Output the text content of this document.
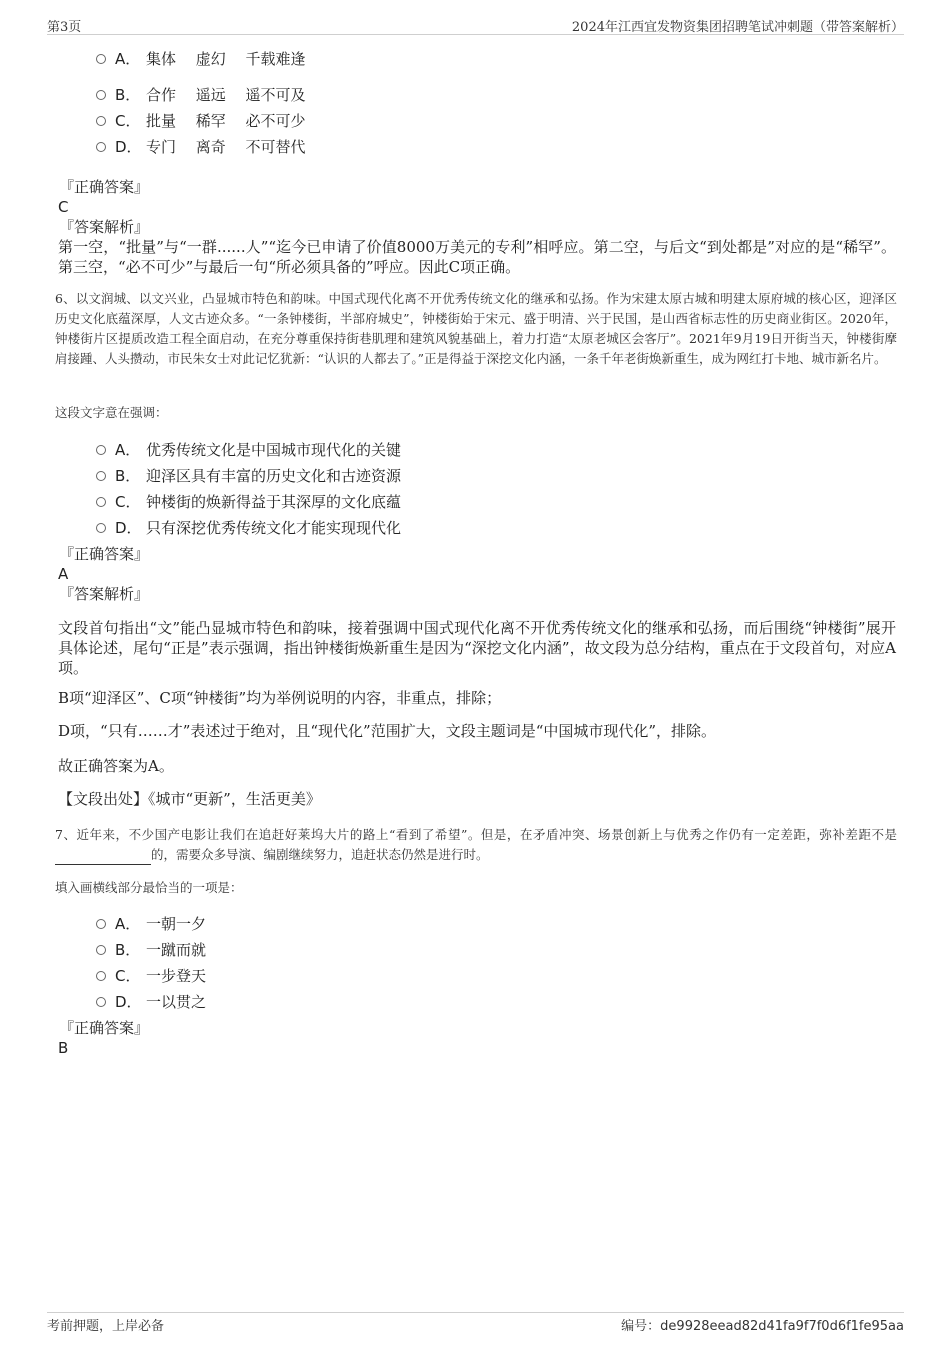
第3页	2024年江西宜发物资集团招聘笔试冲刺题（带答案解析）
A． 集体　 虚幻　 千载难逢
B． 合作　 遥远　 遥不可及
C． 批量　 稀罕　 必不可少
D． 专门　 离奇　 不可替代
『正确答案』
C
『答案解析』
第一空，“批量”与“一群......人”“迄今已申请了价值8000万美元的专利”相呼应。第二空，与后文“到处都是”对应的是“稀罕”。第三空，“必不可少”与最后一句“所必须具备的”呼应。因此C项正确。
6、以文润城、以文兴业，凸显城市特色和韵味。中国式现代化离不开优秀传统文化的继承和弘扬。作为宋建太原古城和明建太原府城的核心区，迎泽区历史文化底蕴深厚，人文古迹众多。“一条钟楼街，半部府城史”，钟楼街始于宋元、盛于明清、兴于民国，是山西省标志性的历史商业街区。2020年，钟楼街片区提质改造工程全面启动，在充分尊重保持街巷肌理和建筑风貌基础上，着力打造“太原老城区会客厅”。2021年9月19日开街当天，钟楼街摩肩接踵、人头攒动，市民朱女士对此记忆犹新：“认识的人都去了。”正是得益于深挖文化内涵，一条千年老街焕新重生，成为网红打卡地、城市新名片。
这段文字意在强调：
A． 优秀传统文化是中国城市现代化的关键
B． 迎泽区具有丰富的历史文化和古迹资源
C． 钟楼街的焕新得益于其深厚的文化底蕴
D． 只有深挖优秀传统文化才能实现现代化
『正确答案』
A
『答案解析』
文段首句指出“文”能凸显城市特色和韵味，接着强调中国式现代化离不开优秀传统文化的继承和弘扬，而后围绕“钟楼街”展开具体论述，尾句“正是”表示强调，指出钟楼街焕新重生是因为“深挖文化内涵”，故文段为总分结构，重点在于文段首句，对应A项。
B项“迎泽区”、C项“钟楼街”均为举例说明的内容，非重点，排除；
D项，“只有……才”表述过于绝对，且“现代化”范围扩大，文段主题词是“中国城市现代化”，排除。
故正确答案为A。
【文段出处】《城市“更新”，生活更美》
7、近年来，不少国产电影让我们在追赶好莱坞大片的路上“看到了希望”。但是，在矛盾冲突、场景创新上与优秀之作仍有一定差距，弥补差距不是的，需要众多导演、编剧继续努力，追赶状态仍然是进行时。
填入画横线部分最恰当的一项是：
A． 一朝一夕
B． 一蹴而就
C． 一步登天
D． 一以贯之
『正确答案』
B
考前押题，上岸必备	编号：de9928eead82d41fa9f7f0d6f1fe95aa
